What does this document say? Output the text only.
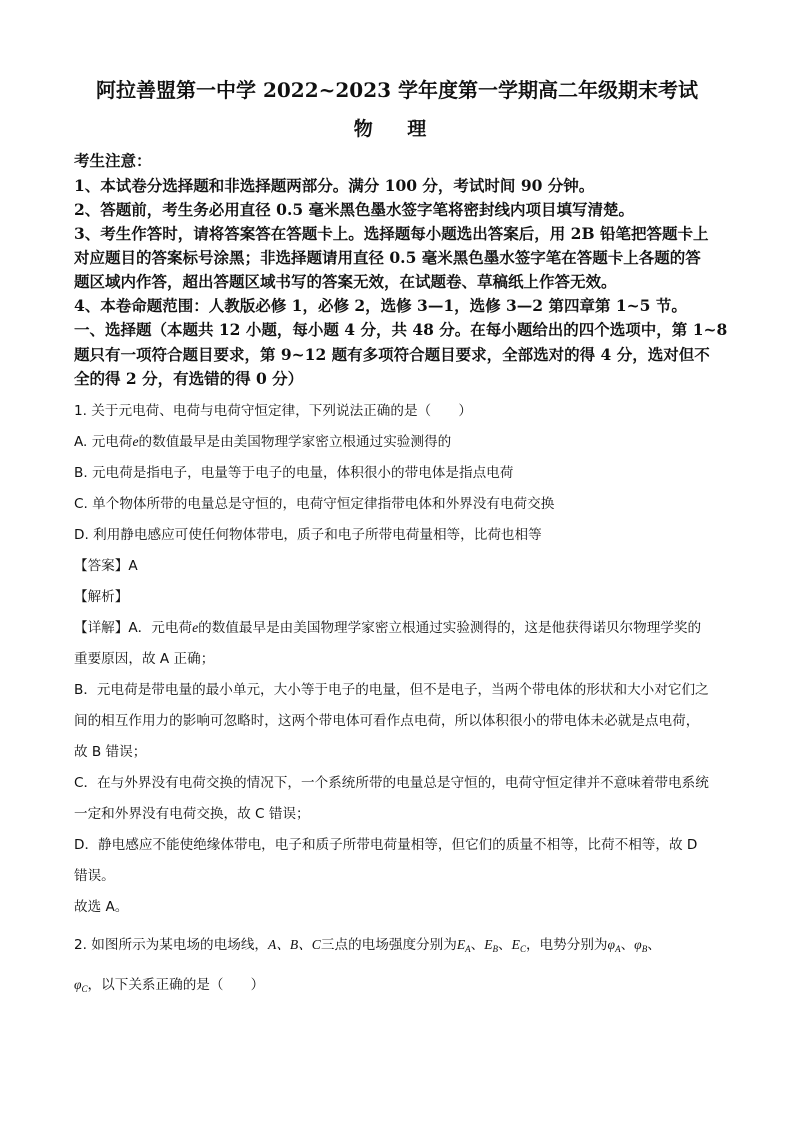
阿拉善盟第一中学 2022~2023 学年度第一学期高二年级期末考试
物 理
考生注意：
1、本试卷分选择题和非选择题两部分。满分 100 分，考试时间 90 分钟。
2、答题前，考生务必用直径 0.5 毫米黑色墨水签字笔将密封线内项目填写清楚。
3、考生作答时，请将答案答在答题卡上。选择题每小题选出答案后，用 2B 铅笔把答题卡上
对应题目的答案标号涂黑；非选择题请用直径 0.5 毫米黑色墨水签字笔在答题卡上各题的答
题区域内作答，超出答题区域书写的答案无效，在试题卷、草稿纸上作答无效。
4、本卷命题范围：人教版必修 1，必修 2，选修 3—1，选修 3—2 第四章第 1~5 节。
一、选择题（本题共 12 小题，每小题 4 分，共 48 分。在每小题给出的四个选项中，第 1~8
题只有一项符合题目要求，第 9~12 题有多项符合题目要求，全部选对的得 4 分，选对但不
全的得 2 分，有选错的得 0 分）
1. 关于元电荷、电荷与电荷守恒定律，下列说法正确的是（　　）
A. 元电荷e的数值最早是由美国物理学家密立根通过实验测得的
B. 元电荷是指电子，电量等于电子的电量，体积很小的带电体是指点电荷
C. 单个物体所带的电量总是守恒的，电荷守恒定律指带电体和外界没有电荷交换
D. 利用静电感应可使任何物体带电，质子和电子所带电荷量相等，比荷也相等
【答案】A
【解析】
【详解】A．元电荷e的数值最早是由美国物理学家密立根通过实验测得的，这是他获得诺贝尔物理学奖的
重要原因，故 A 正确；
B．元电荷是带电量的最小单元，大小等于电子的电量，但不是电子，当两个带电体的形状和大小对它们之
间的相互作用力的影响可忽略时，这两个带电体可看作点电荷，所以体积很小的带电体未必就是点电荷，
故 B 错误；
C．在与外界没有电荷交换的情况下，一个系统所带的电量总是守恒的，电荷守恒定律并不意味着带电系统
一定和外界没有电荷交换，故 C 错误；
D．静电感应不能使绝缘体带电，电子和质子所带电荷量相等，但它们的质量不相等，比荷不相等，故 D
错误。
故选 A。
2. 如图所示为某电场的电场线，A、B、C三点的电场强度分别为$E_A$、$E_B$、$E_C$，电势分别为$\varphi_A$、$\varphi_B$、
$\varphi_C$，以下关系正确的是（　　）
